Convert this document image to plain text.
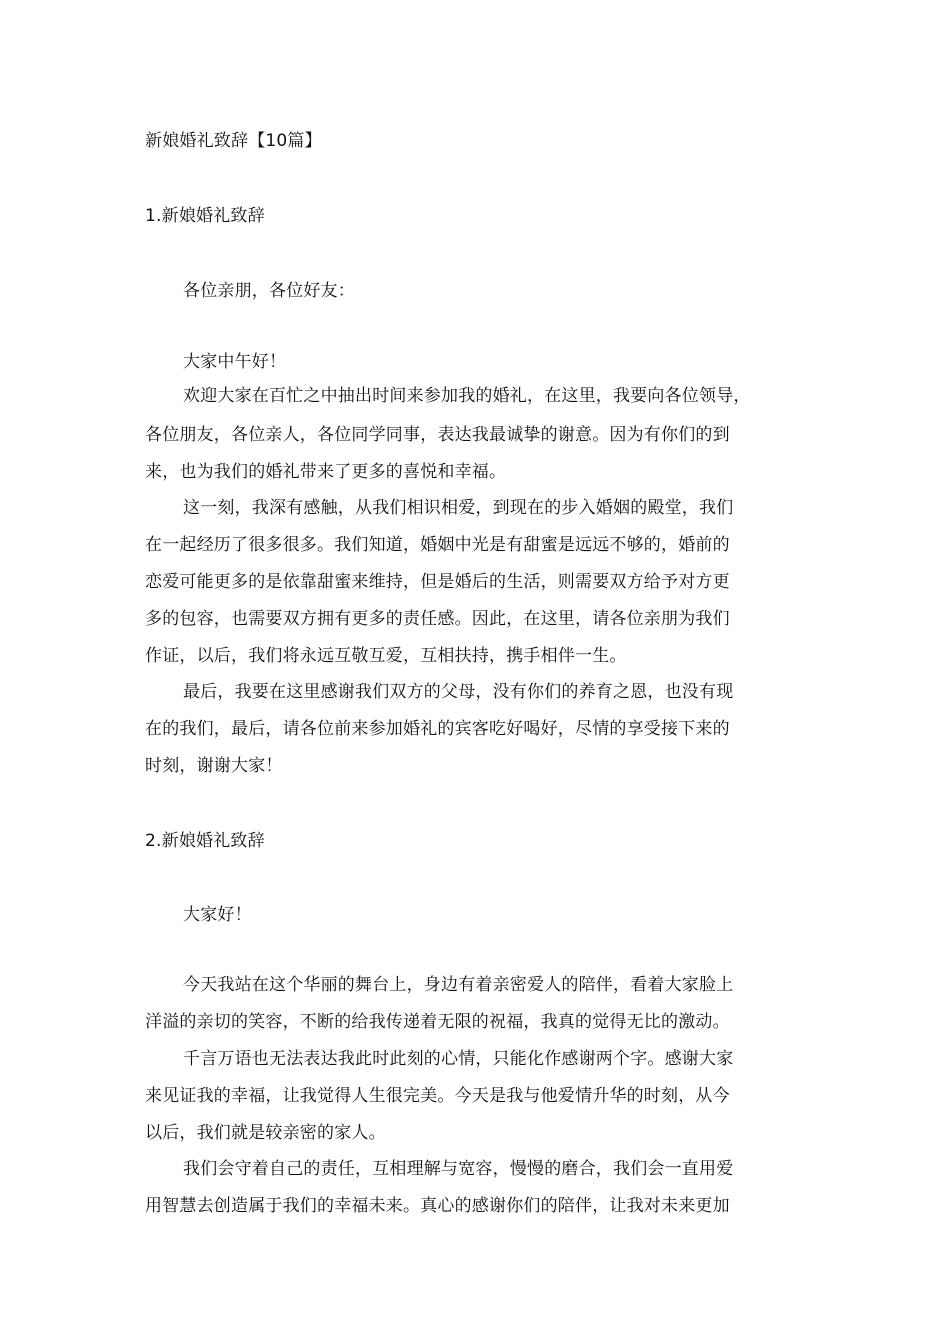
新娘婚礼致辞【10篇】
1.新娘婚礼致辞
各位亲朋，各位好友：
大家中午好！
欢迎大家在百忙之中抽出时间来参加我的婚礼，在这里，我要向各位领导，
各位朋友，各位亲人，各位同学同事，表达我最诚挚的谢意。因为有你们的到
来，也为我们的婚礼带来了更多的喜悦和幸福。
这一刻，我深有感触，从我们相识相爱，到现在的步入婚姻的殿堂，我们
在一起经历了很多很多。我们知道，婚姻中光是有甜蜜是远远不够的，婚前的
恋爱可能更多的是依靠甜蜜来维持，但是婚后的生活，则需要双方给予对方更
多的包容，也需要双方拥有更多的责任感。因此，在这里，请各位亲朋为我们
作证，以后，我们将永远互敬互爱，互相扶持，携手相伴一生。
最后，我要在这里感谢我们双方的父母，没有你们的养育之恩，也没有现
在的我们，最后，请各位前来参加婚礼的宾客吃好喝好，尽情的享受接下来的
时刻，谢谢大家！
2.新娘婚礼致辞
大家好！
今天我站在这个华丽的舞台上，身边有着亲密爱人的陪伴，看着大家脸上
洋溢的亲切的笑容，不断的给我传递着无限的祝福，我真的觉得无比的激动。
千言万语也无法表达我此时此刻的心情，只能化作感谢两个字。感谢大家
来见证我的幸福，让我觉得人生很完美。今天是我与他爱情升华的时刻，从今
以后，我们就是较亲密的家人。
我们会守着自己的责任，互相理解与宽容，慢慢的磨合，我们会一直用爱
用智慧去创造属于我们的幸福未来。真心的感谢你们的陪伴，让我对未来更加
